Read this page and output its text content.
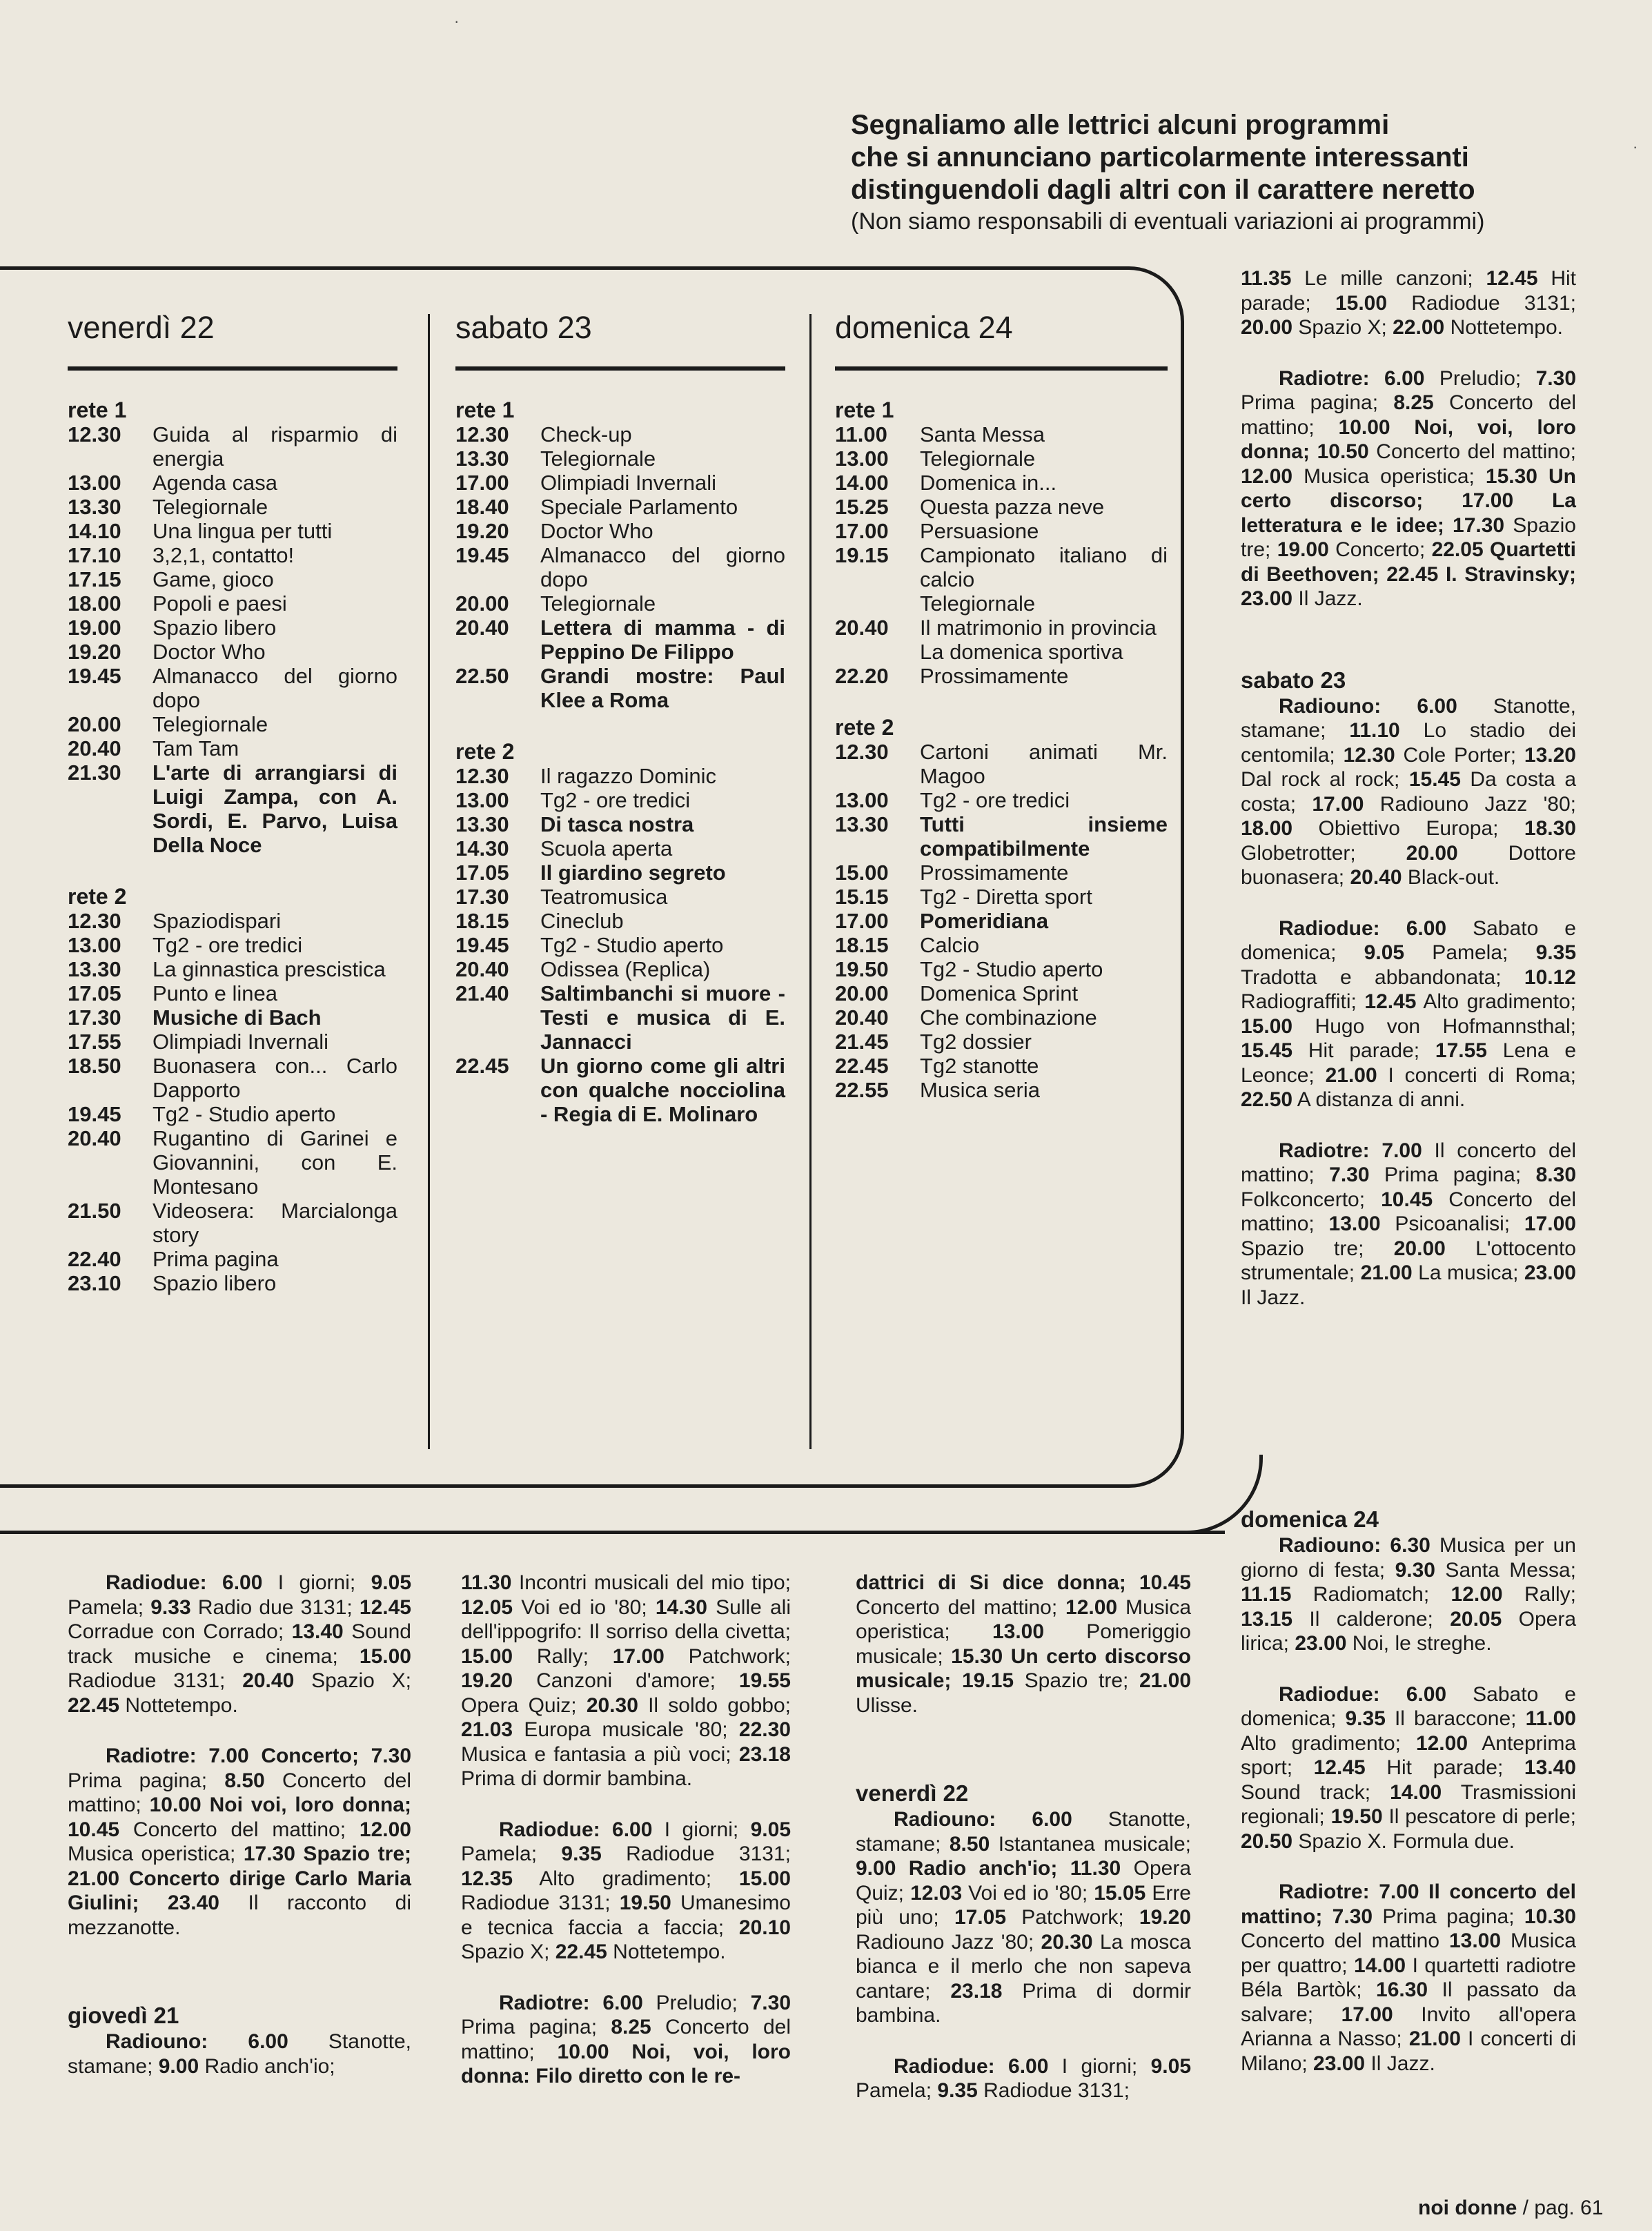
Segnaliamo alle lettrici alcuni programmi
che si annunciano particolarmente interessanti
distinguendoli dagli altri con il carattere neretto
(Non siamo responsabili di eventuali variazioni ai programmi)
·
·
venerdì 22
rete 1
12.30	Guida al risparmio di energia
13.00	Agenda casa
13.30	Telegiornale
14.10	Una lingua per tutti
17.10	3,2,1, contatto!
17.15	Game, gioco
18.00	Popoli e paesi
19.00	Spazio libero
19.20	Doctor Who
19.45	Almanacco del giorno dopo
20.00	Telegiornale
20.40	Tam Tam
21.30	L'arte di arrangiarsi di Luigi Zampa, con A. Sordi, E. Parvo, Luisa Della Noce
rete 2
12.30	Spaziodispari
13.00	Tg2 - ore tredici
13.30	La ginnastica prescistica
17.05	Punto e linea
17.30	Musiche di Bach
17.55	Olimpiadi Invernali
18.50	Buonasera con... Carlo Dapporto
19.45	Tg2 - Studio aperto
20.40	Rugantino di Garinei e Giovannini, con E. Montesano
21.50	Videosera: Marcialonga story
22.40	Prima pagina
23.10	Spazio libero
sabato 23
rete 1
12.30	Check-up
13.30	Telegiornale
17.00	Olimpiadi Invernali
18.40	Speciale Parlamento
19.20	Doctor Who
19.45	Almanacco del giorno dopo
20.00	Telegiornale
20.40	Lettera di mamma - di Peppino De Filippo
22.50	Grandi mostre: Paul Klee a Roma
rete 2
12.30	Il ragazzo Dominic
13.00	Tg2 - ore tredici
13.30	Di tasca nostra
14.30	Scuola aperta
17.05	Il giardino segreto
17.30	Teatromusica
18.15	Cineclub
19.45	Tg2 - Studio aperto
20.40	Odissea (Replica)
21.40	Saltimbanchi si muore - Testi e musica di E. Jannacci
22.45	Un giorno come gli altri con qualche nocciolina - Regia di E. Molinaro
domenica 24
rete 1
11.00	Santa Messa
13.00	Telegiornale
14.00	Domenica in...
15.25	Questa pazza neve
17.00	Persuasione
19.15	Campionato italiano di calcio
Telegiornale
20.40	Il matrimonio in provincia
La domenica sportiva
22.20	Prossimamente
rete 2
12.30	Cartoni animati Mr. Magoo
13.00	Tg2 - ore tredici
13.30	Tutti insieme compatibilmente
15.00	Prossimamente
15.15	Tg2 - Diretta sport
17.00	Pomeridiana
18.15	Calcio
19.50	Tg2 - Studio aperto
20.00	Domenica Sprint
20.40	Che combinazione
21.45	Tg2 dossier
22.45	Tg2 stanotte
22.55	Musica seria

11.35 Le mille canzoni; 12.45 Hit parade; 15.00 Radiodue 3131; 20.00 Spazio X; 22.00 Nottetempo.

Radiotre: 6.00 Preludio; 7.30 Prima pagina; 8.25 Concerto del mattino; 10.00 Noi, voi, loro donna; 10.50 Concerto del mattino; 12.00 Musica operistica; 15.30 Un certo discorso; 17.00 La letteratura e le idee; 17.30 Spazio tre; 19.00 Concerto; 22.05 Quartetti di Beethoven; 22.45 I. Stravinsky; 23.00 Il Jazz.

sabato 23

Radiouno: 6.00 Stanotte, stamane; 11.10 Lo stadio dei centomila; 12.30 Cole Porter; 13.20 Dal rock al rock; 15.45 Da costa a costa; 17.00 Radiouno Jazz '80; 18.00 Obiettivo Europa; 18.30 Globetrotter; 20.00 Dottore buonasera; 20.40 Black-out.

Radiodue: 6.00 Sabato e domenica; 9.05 Pamela; 9.35 Tradotta e abbandonata; 10.12 Radiograffiti; 12.45 Alto gradimento; 15.00 Hugo von Hofmannsthal; 15.45 Hit parade; 17.55 Lena e Leonce; 21.00 I concerti di Roma; 22.50 A distanza di anni.

Radiotre: 7.00 Il concerto del mattino; 7.30 Prima pagina; 8.30 Folkconcerto; 10.45 Concerto del mattino; 13.00 Psicoanalisi; 17.00 Spazio tre; 20.00 L'ottocento strumentale; 21.00 La musica; 23.00 Il Jazz.

domenica 24

Radiouno: 6.30 Musica per un giorno di festa; 9.30 Santa Messa; 11.15 Radiomatch; 12.00 Rally; 13.15 Il calderone; 20.05 Opera lirica; 23.00 Noi, le streghe.

Radiodue: 6.00 Sabato e domenica; 9.35 Il baraccone; 11.00 Alto gradimento; 12.00 Anteprima sport; 12.45 Hit parade; 13.40 Sound track; 14.00 Trasmissioni regionali; 19.50 Il pescatore di perle; 20.50 Spazio X. Formula due.

Radiotre: 7.00 Il concerto del mattino; 7.30 Prima pagina; 10.30 Concerto del mattino 13.00 Musica per quattro; 14.00 I quartetti radiotre Béla Bartòk; 16.30 Il passato da salvare; 17.00 Invito all'opera Arianna a Nasso; 21.00 I concerti di Milano; 23.00 Il Jazz.

Radiodue: 6.00 I giorni; 9.05 Pamela; 9.33 Radio due 3131; 12.45 Corradue con Corrado; 13.40 Sound track musiche e cinema; 15.00 Radiodue 3131; 20.40 Spazio X; 22.45 Nottetempo.

Radiotre: 7.00 Concerto; 7.30 Prima pagina; 8.50 Concerto del mattino; 10.00 Noi voi, loro donna; 10.45 Concerto del mattino; 12.00 Musica operistica; 17.30 Spazio tre; 21.00 Concerto dirige Carlo Maria Giulini; 23.40 Il racconto di mezzanotte.

giovedì 21

Radiouno: 6.00 Stanotte, stamane; 9.00 Radio anch'io;

11.30 Incontri musicali del mio tipo; 12.05 Voi ed io '80; 14.30 Sulle ali dell'ippogrifo: Il sorriso della civetta; 15.00 Rally; 17.00 Patchwork; 19.20 Canzoni d'amore; 19.55 Opera Quiz; 20.30 Il soldo gobbo; 21.03 Europa musicale '80; 22.30 Musica e fantasia a più voci; 23.18 Prima di dormir bambina.

Radiodue: 6.00 I giorni; 9.05 Pamela; 9.35 Radiodue 3131; 12.35 Alto gradimento; 15.00 Radiodue 3131; 19.50 Umanesimo e tecnica faccia a faccia; 20.10 Spazio X; 22.45 Nottetempo.

Radiotre: 6.00 Preludio; 7.30 Prima pagina; 8.25 Concerto del mattino; 10.00 Noi, voi, loro donna: Filo diretto con le re-

dattrici di Si dice donna; 10.45 Concerto del mattino; 12.00 Musica operistica; 13.00 Pomeriggio musicale; 15.30 Un certo discorso musicale; 19.15 Spazio tre; 21.00 Ulisse.

venerdì 22

Radiouno: 6.00 Stanotte, stamane; 8.50 Istantanea musicale; 9.00 Radio anch'io; 11.30 Opera Quiz; 12.03 Voi ed io '80; 15.05 Erre più uno; 17.05 Patchwork; 19.20 Radiouno Jazz '80; 20.30 La mosca bianca e il merlo che non sapeva cantare; 23.18 Prima di dormir bambina.

Radiodue: 6.00 I giorni; 9.05 Pamela; 9.35 Radiodue 3131;

noi donne / pag. 61
